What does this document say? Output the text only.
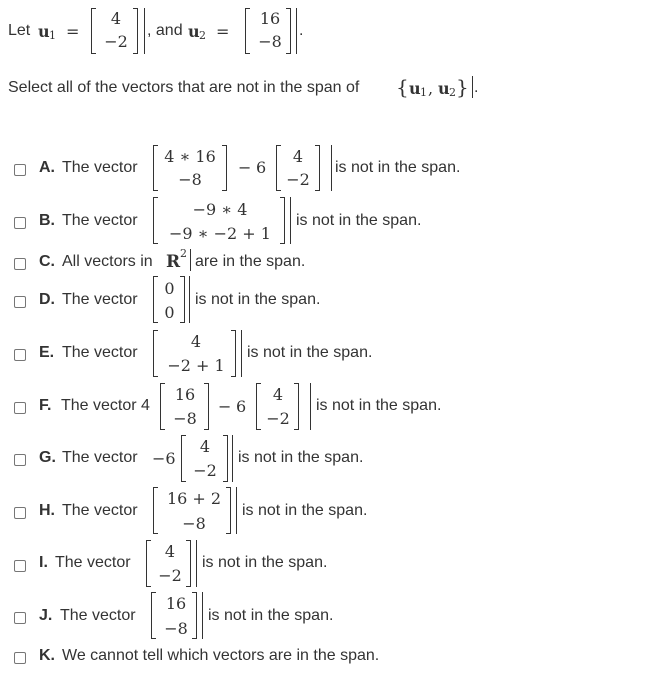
Let u 1 =
4
−2
, and u 2 =
16
−8
.
Select all of the vectors that are not in the span of { u 1 , u 2 } .
A. The vector
4 ∗ 16
−8
− 6
4
−2
is not in the span.
B. The vector
−9 ∗ 4
−9 ∗ −2 + 1
is not in the span.
C. All vectors in R 2 are in the span.
D. The vector
0
0
is not in the span.
E. The vector
4
−2 + 1
is not in the span.
F. The vector 4
16
−8
− 6
4
−2
is not in the span.
G. The vector −6
4
−2
is not in the span.
H. The vector
16 + 2
−8
is not in the span.
I. The vector
4
−2
is not in the span.
J. The vector
16
−8
is not in the span.
K. We cannot tell which vectors are in the span.
